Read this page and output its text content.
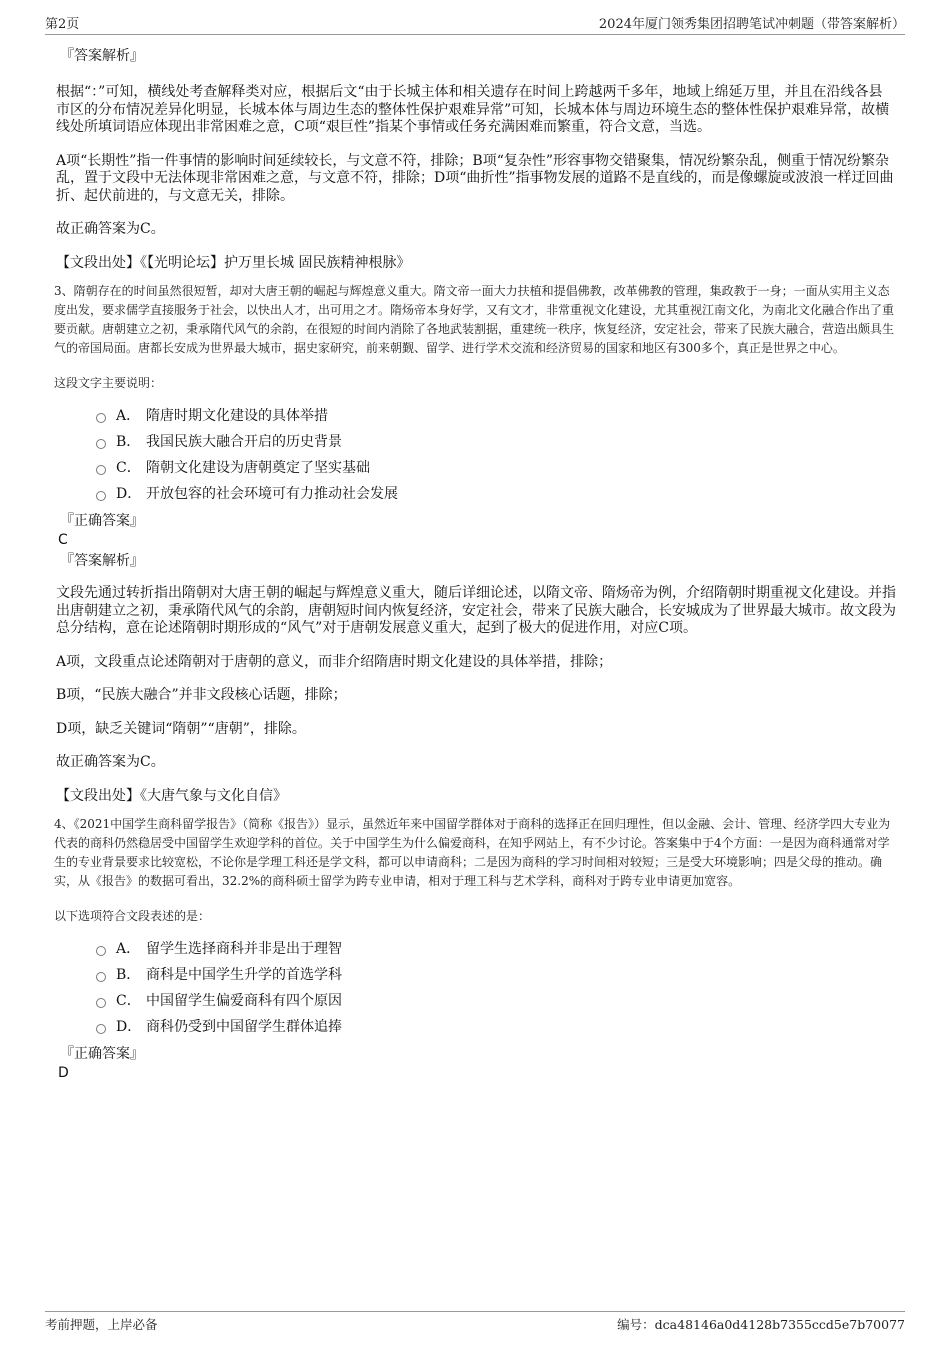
第2页	2024年厦门领秀集团招聘笔试冲刺题（带答案解析）

『答案解析』

根据“：”可知，横线处考查解释类对应，根据后文“由于长城主体和相关遗存在时间上跨越两千多年，地域上绵延万里，并且在沿线各县市区的分布情况差异化明显，长城本体与周边生态的整体性保护艰难异常”可知，长城本体与周边环境生态的整体性保护艰难异常，故横线处所填词语应体现出非常困难之意，C项“艰巨性”指某个事情或任务充满困难而繁重，符合文意，当选。

A项“长期性”指一件事情的影响时间延续较长，与文意不符，排除；B项“复杂性”形容事物交错聚集，情况纷繁杂乱，侧重于情况纷繁杂乱，置于文段中无法体现非常困难之意，与文意不符，排除；D项“曲折性”指事物发展的道路不是直线的，而是像螺旋或波浪一样迂回曲折、起伏前进的，与文意无关，排除。

故正确答案为C。

【文段出处】《【光明论坛】护万里长城 固民族精神根脉》

3、隋朝存在的时间虽然很短暂，却对大唐王朝的崛起与辉煌意义重大。隋文帝一面大力扶植和提倡佛教，改革佛教的管理，集政教于一身；一面从实用主义态度出发，要求儒学直接服务于社会，以快出人才，出可用之才。隋炀帝本身好学，又有文才，非常重视文化建设，尤其重视江南文化，为南北文化融合作出了重要贡献。唐朝建立之初，秉承隋代风气的余韵，在很短的时间内消除了各地武装割据，重建统一秩序，恢复经济，安定社会，带来了民族大融合，营造出颇具生气的帝国局面。唐都长安成为世界最大城市，据史家研究，前来朝觐、留学、进行学术交流和经济贸易的国家和地区有300多个，真正是世界之中心。

这段文字主要说明：

A． 隋唐时期文化建设的具体举措
B． 我国民族大融合开启的历史背景
C． 隋朝文化建设为唐朝奠定了坚实基础
D． 开放包容的社会环境可有力推动社会发展

『正确答案』

C

『答案解析』

文段先通过转折指出隋朝对大唐王朝的崛起与辉煌意义重大，随后详细论述，以隋文帝、隋炀帝为例，介绍隋朝时期重视文化建设。并指出唐朝建立之初，秉承隋代风气的余韵，唐朝短时间内恢复经济，安定社会，带来了民族大融合，长安城成为了世界最大城市。故文段为总分结构，意在论述隋朝时期形成的“风气”对于唐朝发展意义重大，起到了极大的促进作用，对应C项。

A项，文段重点论述隋朝对于唐朝的意义，而非介绍隋唐时期文化建设的具体举措，排除；

B项，“民族大融合”并非文段核心话题，排除；

D项，缺乏关键词“隋朝”“唐朝”，排除。

故正确答案为C。

【文段出处】《大唐气象与文化自信》

4、《2021中国学生商科留学报告》（简称《报告》）显示，虽然近年来中国留学群体对于商科的选择正在回归理性，但以金融、会计、管理、经济学四大专业为代表的商科仍然稳居受中国留学生欢迎学科的首位。关于中国学生为什么偏爱商科，在知乎网站上，有不少讨论。答案集中于4个方面：一是因为商科通常对学生的专业背景要求比较宽松，不论你是学理工科还是学文科，都可以申请商科；二是因为商科的学习时间相对较短；三是受大环境影响；四是父母的推动。确实，从《报告》的数据可看出，32.2%的商科硕士留学为跨专业申请，相对于理工科与艺术学科，商科对于跨专业申请更加宽容。

以下选项符合文段表述的是：

A． 留学生选择商科并非是出于理智
B． 商科是中国学生升学的首选学科
C． 中国留学生偏爱商科有四个原因
D． 商科仍受到中国留学生群体追捧

『正确答案』

D

考前押题，上岸必备	编号：dca48146a0d4128b7355ccd5e7b70077
